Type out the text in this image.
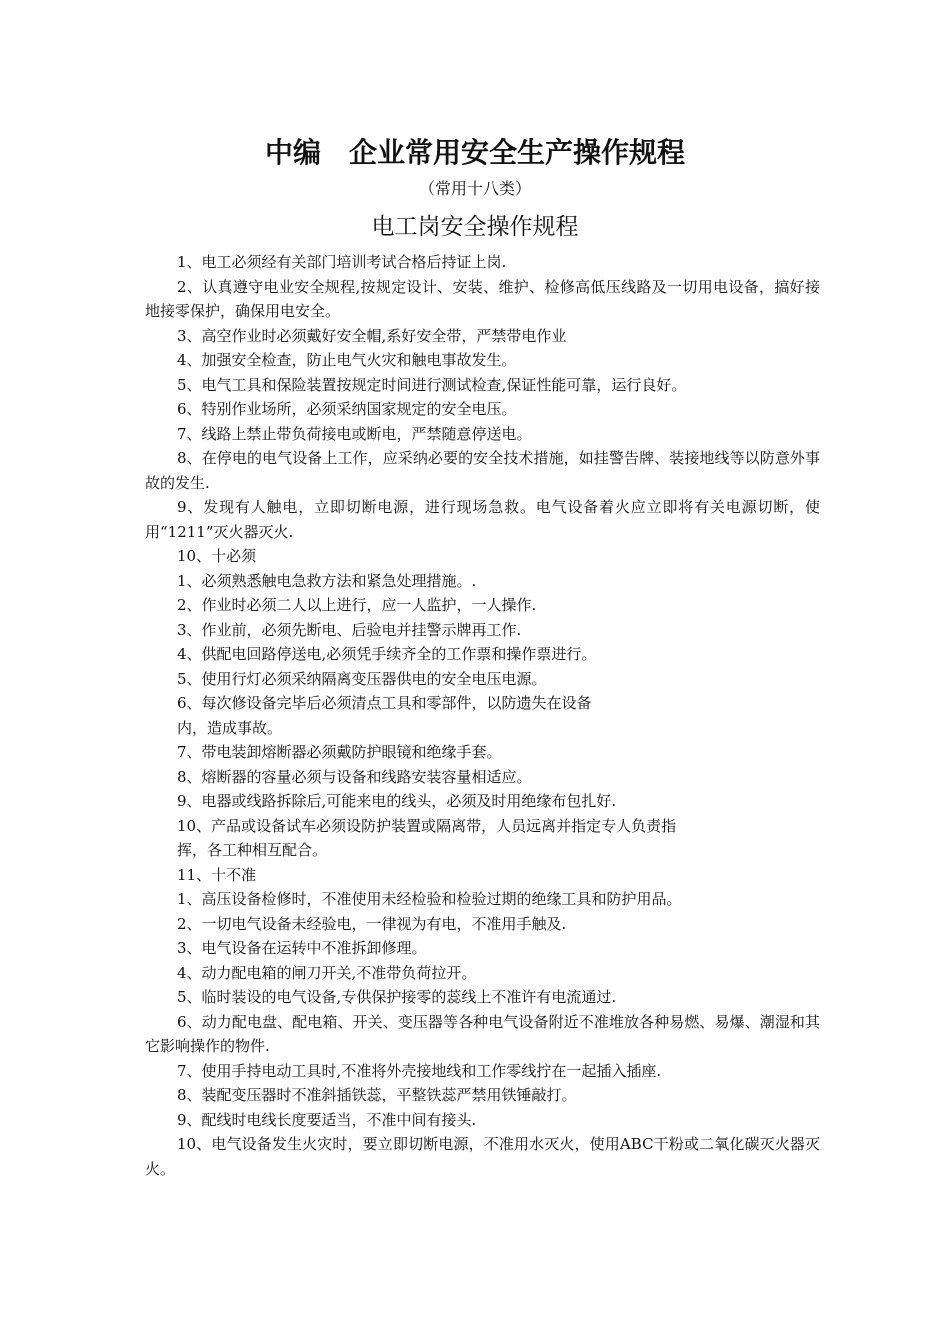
中编　企业常用安全生产操作规程
（常用十八类）
电工岗安全操作规程

1、电工必须经有关部门培训考试合格后持证上岗.

2、认真遵守电业安全规程,按规定设计、安装、维护、检修高低压线路及一切用电设备，搞好接地接零保护，确保用电安全。

3、高空作业时必须戴好安全帽,系好安全带，严禁带电作业

4、加强安全检查，防止电气火灾和触电事故发生。

5、电气工具和保险装置按规定时间进行测试检查,保证性能可靠，运行良好。

6、特别作业场所，必须采纳国家规定的安全电压。

7、线路上禁止带负荷接电或断电，严禁随意停送电。

8、在停电的电气设备上工作，应采纳必要的安全技术措施，如挂警告牌、装接地线等以防意外事故的发生.

9、发现有人触电，立即切断电源，进行现场急救。电气设备着火应立即将有关电源切断，使用“1211”灭火器灭火.

10、十必须

1、必须熟悉触电急救方法和紧急处理措施。.

2、作业时必须二人以上进行，应一人监护，一人操作.

3、作业前，必须先断电、后验电并挂警示牌再工作.

4、供配电回路停送电,必须凭手续齐全的工作票和操作票进行。

5、使用行灯必须采纳隔离变压器供电的安全电压电源。

6、每次修设备完毕后必须清点工具和零部件，以防遗失在设备

内，造成事故。

7、带电装卸熔断器必须戴防护眼镜和绝缘手套。

8、熔断器的容量必须与设备和线路安装容量相适应。

9、电器或线路拆除后,可能来电的线头，必须及时用绝缘布包扎好.

10、产品或设备试车必须设防护装置或隔离带，人员远离并指定专人负责指

挥，各工种相互配合。

11、十不准

1、高压设备检修时，不准使用未经检验和检验过期的绝缘工具和防护用品。

2、一切电气设备未经验电，一律视为有电，不准用手触及.

3、电气设备在运转中不准拆卸修理。

4、动力配电箱的闸刀开关,不准带负荷拉开。

5、临时装设的电气设备,专供保护接零的蕊线上不准许有电流通过.

6、动力配电盘、配电箱、开关、变压器等各种电气设备附近不准堆放各种易燃、易爆、潮湿和其它影响操作的物件.

7、使用手持电动工具时,不准将外壳接地线和工作零线拧在一起插入插座.

8、装配变压器时不准斜插铁蕊，平整铁蕊严禁用铁锤敲打。

9、配线时电线长度要适当，不准中间有接头.

10、电气设备发生火灾时，要立即切断电源，不准用水灭火，使用ABC干粉或二氧化碳灭火器灭火。
